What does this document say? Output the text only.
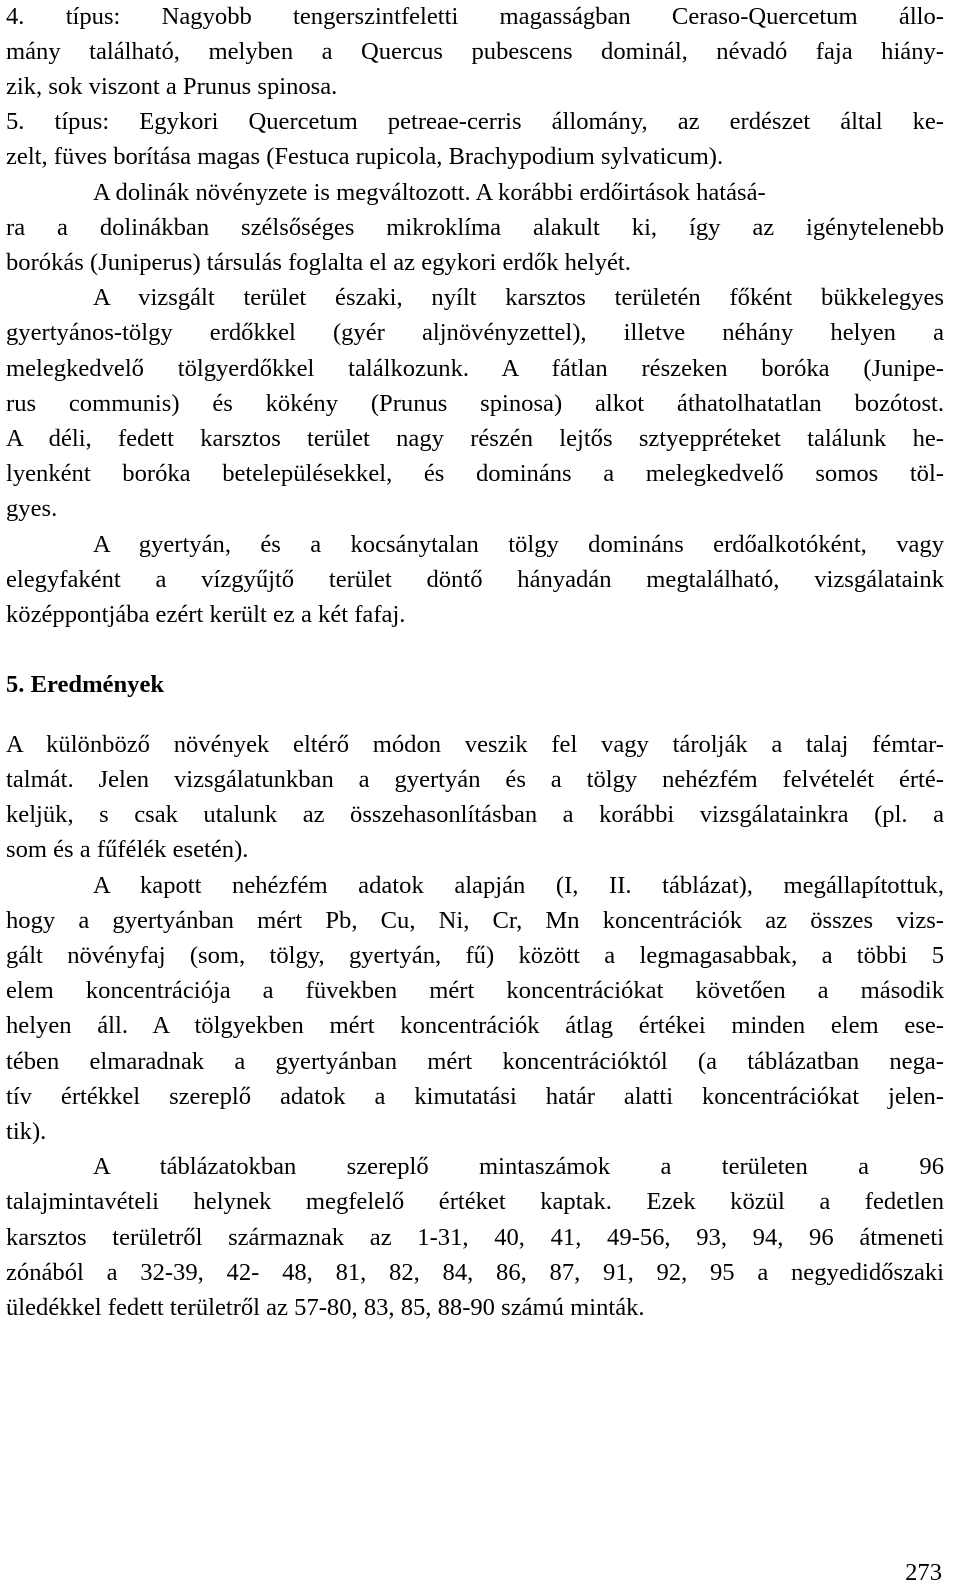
4. típus: Nagyobb tengerszintfeletti magasságban Ceraso-Quercetum állo-
mány található, melyben a Quercus pubescens dominál, névadó faja hiány-
zik, sok viszont a Prunus spinosa.
5. típus: Egykori Quercetum petreae-cerris állomány, az erdészet által ke-
zelt, füves borítása magas (Festuca rupicola, Brachypodium sylvaticum).
A dolinák növényzete is megváltozott. A korábbi erdőirtások hatásá-
ra a dolinákban szélsőséges mikroklíma alakult ki, így az igénytelenebb
borókás (Juniperus) társulás foglalta el az egykori erdők helyét.
A vizsgált terület északi, nyílt karsztos területén főként bükkelegyes
gyertyános-tölgy erdőkkel (gyér aljnövényzettel), illetve néhány helyen a
melegkedvelő tölgyerdőkkel találkozunk. A fátlan részeken boróka (Junipe-
rus communis) és kökény (Prunus spinosa) alkot áthatolhatatlan bozótost.
A déli, fedett karsztos terület nagy részén lejtős sztyeppréteket találunk he-
lyenként boróka betelepülésekkel, és domináns a melegkedvelő somos töl-
gyes.
A gyertyán, és a kocsánytalan tölgy domináns erdőalkotóként, vagy
elegyfaként a vízgyűjtő terület döntő hányadán megtalálható, vizsgálataink
középpontjába ezért került ez a két fafaj.
5. Eredmények
A különböző növények eltérő módon veszik fel vagy tárolják a talaj fémtar-
talmát. Jelen vizsgálatunkban a gyertyán és a tölgy nehézfém felvételét érté-
keljük, s csak utalunk az összehasonlításban a korábbi vizsgálatainkra (pl. a
som és a fűfélék esetén).
A kapott nehézfém adatok alapján (I, II. táblázat), megállapítottuk,
hogy a gyertyánban mért Pb, Cu, Ni, Cr, Mn koncentrációk az összes vizs-
gált növényfaj (som, tölgy, gyertyán, fű) között a legmagasabbak, a többi 5
elem koncentrációja a füvekben mért koncentrációkat követően a második
helyen áll. A tölgyekben mért koncentrációk átlag értékei minden elem ese-
tében elmaradnak a gyertyánban mért koncentrációktól (a táblázatban nega-
tív értékkel szereplő adatok a kimutatási határ alatti koncentrációkat jelen-
tik).
A táblázatokban szereplő mintaszámok a területen a 96
talajmintavételi helynek megfelelő értéket kaptak. Ezek közül a fedetlen
karsztos területről származnak az 1-31, 40, 41, 49-56, 93, 94, 96 átmeneti
zónából a 32-39, 42- 48, 81, 82, 84, 86, 87, 91, 92, 95 a negyedidőszaki
üledékkel fedett területről az 57-80, 83, 85, 88-90 számú minták.
273
